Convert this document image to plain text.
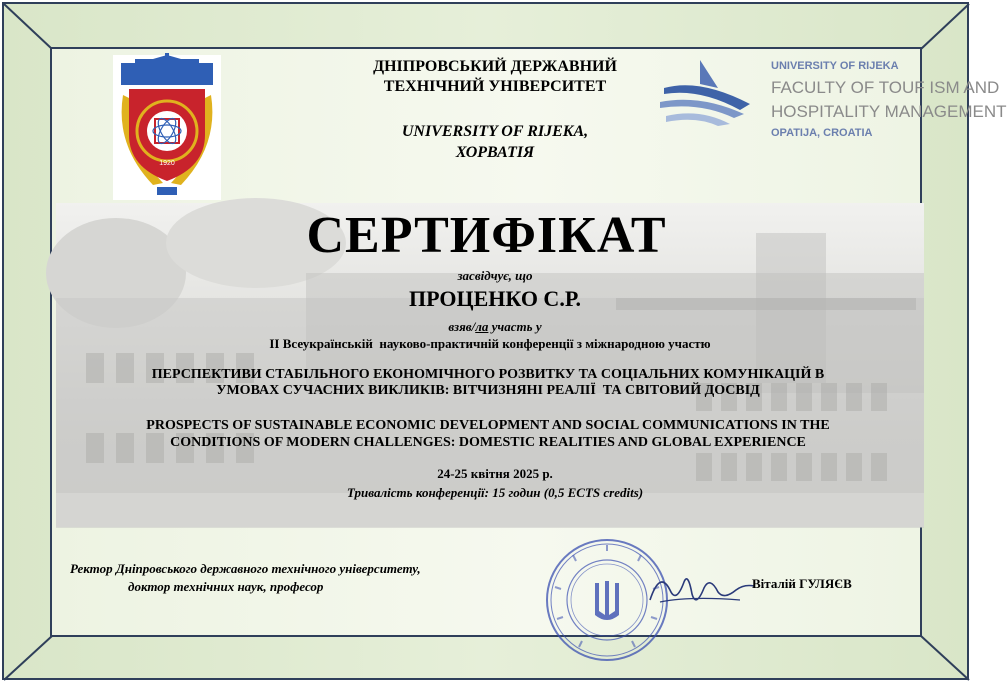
1920
ДНІПРОВСЬКИЙ ДЕРЖАВНИЙ
ТЕХНІЧНИЙ УНІВЕРСИТЕТ
UNIVERSITY OF RIJEKA,
ХОРВАТІЯ
UNIVERSITY OF RIJEKA
FACULTY OF TOUF ISM AND
HOSPITALITY MANAGEMENT
OPATIJA, CROATIA
СЕРТИФІКАТ
засвідчує, що
ПРОЦЕНКО С.Р.
взяв/ла участь у
II Всеукраїнській  науково-практичній конференції з міжнародною участю
ПЕРСПЕКТИВИ СТАБІЛЬНОГО ЕКОНОМІЧНОГО РОЗВИТКУ ТА СОЦІАЛЬНИХ КОМУНІКАЦІЙ В
УМОВАХ СУЧАСНИХ ВИКЛИКІВ: ВІТЧИЗНЯНІ РЕАЛІЇ  ТА СВІТОВИЙ ДОСВІД
PROSPECTS OF SUSTAINABLE ECONOMIC DEVELOPMENT AND SOCIAL COMMUNICATIONS IN THE
CONDITIONS OF MODERN CHALLENGES: DOMESTIC REALITIES AND GLOBAL EXPERIENCE
24-25 квітня 2025 р.
Тривалість конференції: 15 годин (0,5 ECTS credits)
Ректор Дніпровського державного технічного університету,
доктор технічних наук, професор	Віталій ГУЛЯЄВ
